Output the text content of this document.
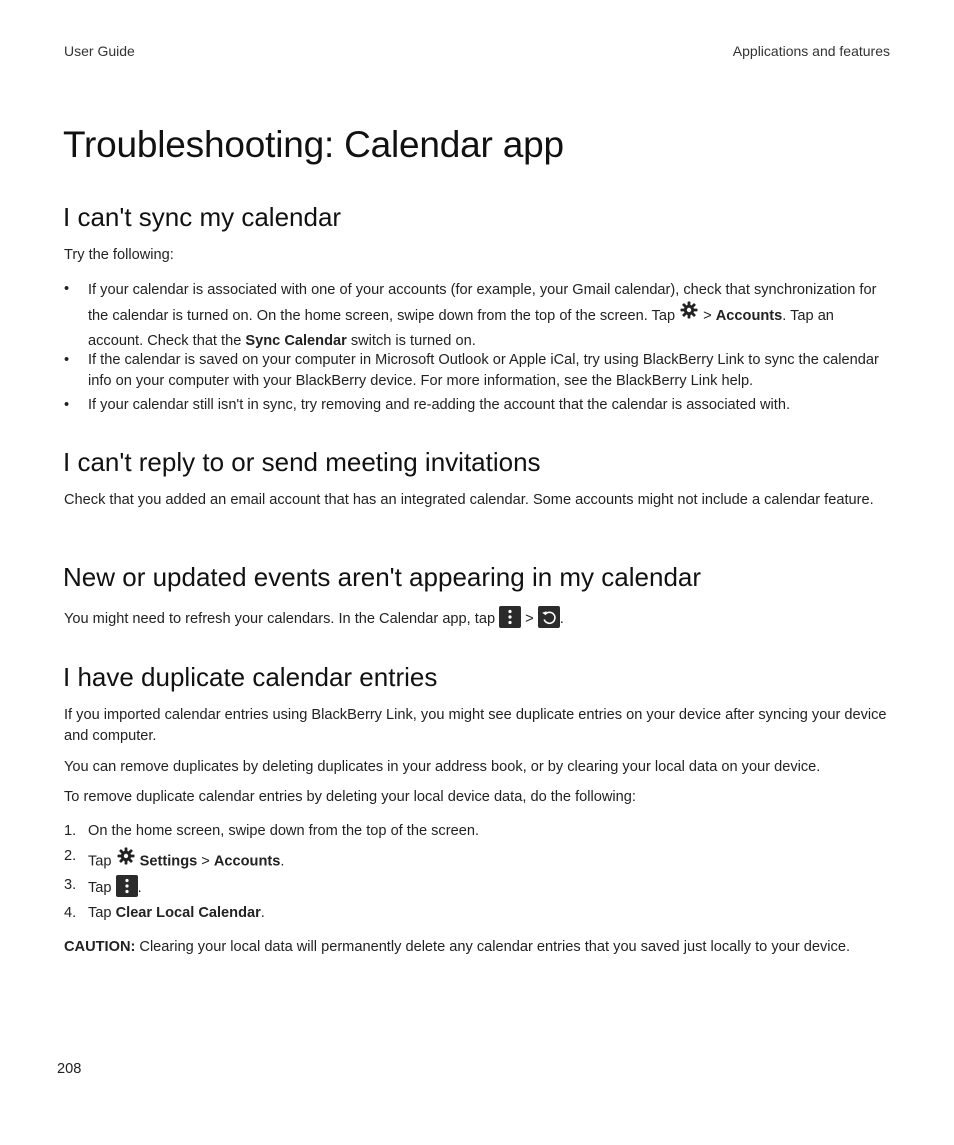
User Guide	Applications and features
Troubleshooting: Calendar app
I can't sync my calendar

Try the following:

• If your calendar is associated with one of your accounts (for example, your Gmail calendar), check that synchronization for the calendar is turned on. On the home screen, swipe down from the top of the screen. Tap  > Accounts. Tap an account. Check that the Sync Calendar switch is turned on.
• If the calendar is saved on your computer in Microsoft Outlook or Apple iCal, try using BlackBerry Link to sync the calendar info on your computer with your BlackBerry device. For more information, see the BlackBerry Link help.
• If your calendar still isn't in sync, try removing and re-adding the account that the calendar is associated with.
I can't reply to or send meeting invitations

Check that you added an email account that has an integrated calendar. Some accounts might not include a calendar feature.

New or updated events aren't appearing in my calendar

You might need to refresh your calendars. In the Calendar app, tap  > .

I have duplicate calendar entries

If you imported calendar entries using BlackBerry Link, you might see duplicate entries on your device after syncing your device and computer.

You can remove duplicates by deleting duplicates in your address book, or by clearing your local data on your device.

To remove duplicate calendar entries by deleting your local device data, do the following:

1. On the home screen, swipe down from the top of the screen.
2. Tap  Settings > Accounts.
3. Tap .
4. Tap Clear Local Calendar.

CAUTION: Clearing your local data will permanently delete any calendar entries that you saved just locally to your device.

208
